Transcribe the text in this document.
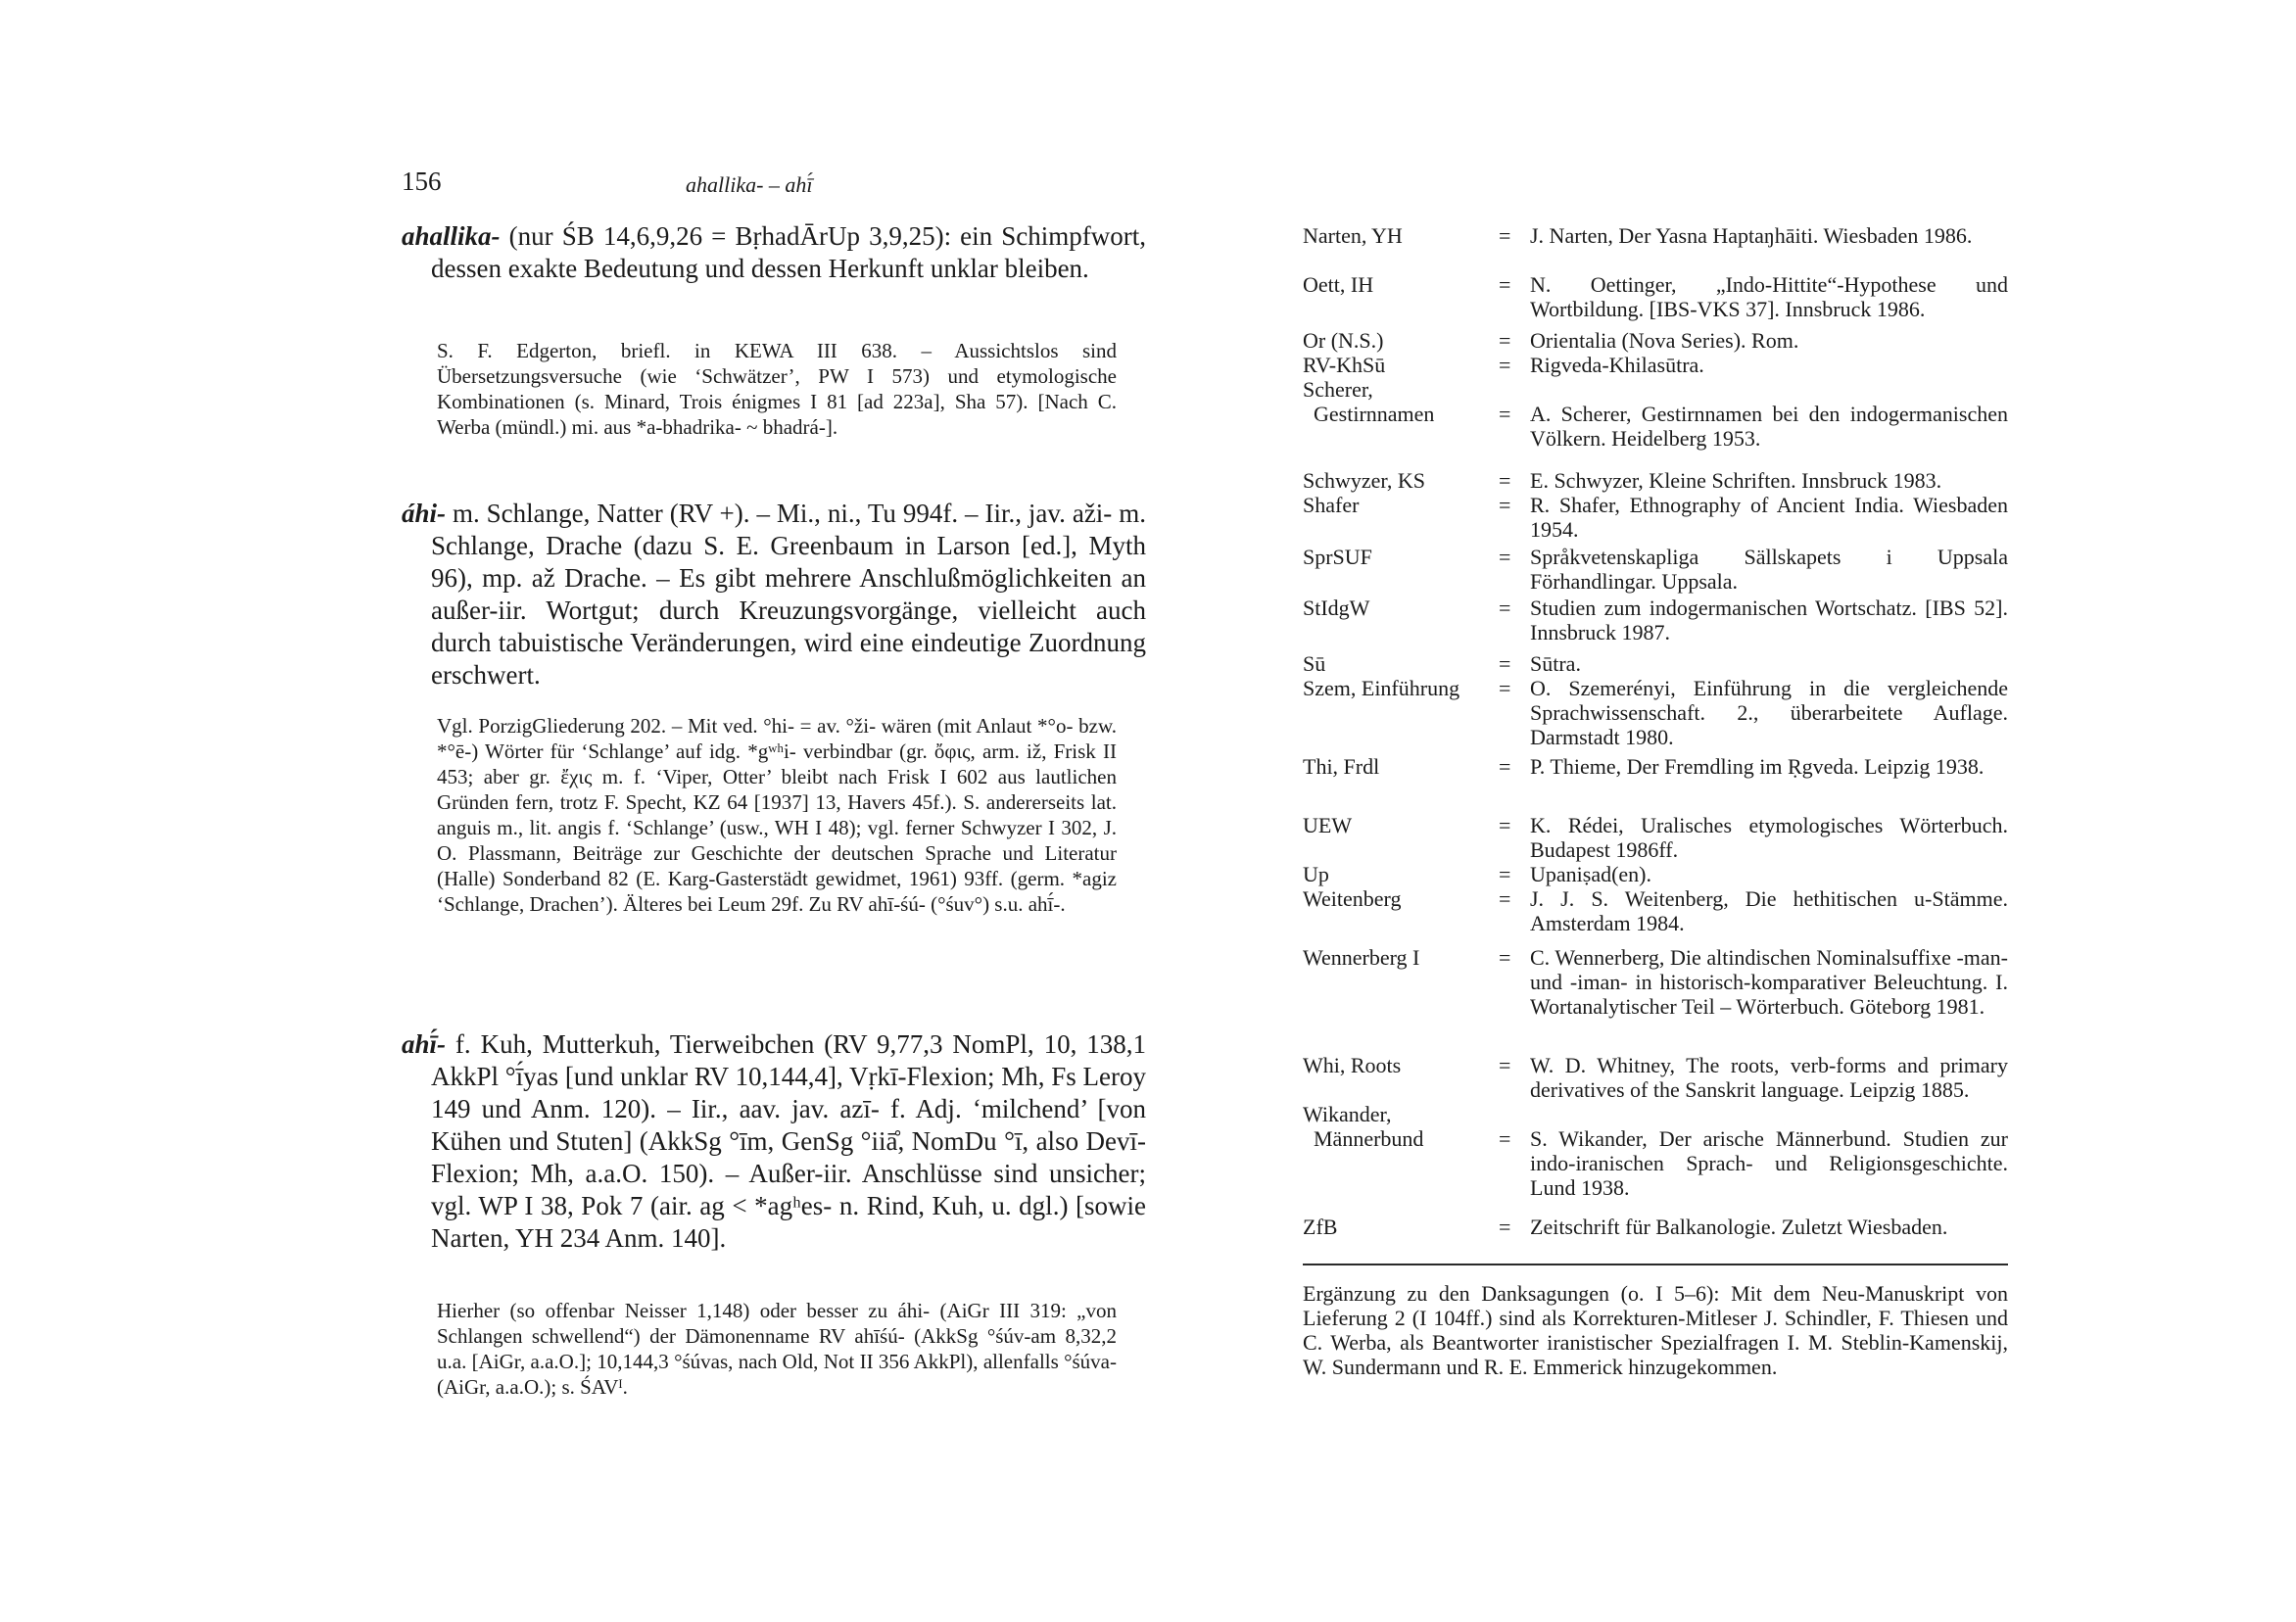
156	ahallika- – ahī́
ahallika- (nur ŚB 14,6,9,26 = BṛhadĀrUp 3,9,25): ein Schimpfwort, dessen exakte Bedeutung und dessen Herkunft unklar bleiben.
S. F. Edgerton, briefl. in KEWA III 638. – Aussichtslos sind Übersetzungsversuche (wie ‘Schwätzer’, PW I 573) und etymologische Kombinationen (s. Minard, Trois énigmes I 81 [ad 223a], Sha 57). [Nach C. Werba (mündl.) mi. aus *a-bhadrika- ~ bhadrá-].
áhi- m. Schlange, Natter (RV +). – Mi., ni., Tu 994f. – Iir., jav. aži- m. Schlange, Drache (dazu S. E. Greenbaum in Larson [ed.], Myth 96), mp. až Drache. – Es gibt mehrere Anschlußmöglichkeiten an außer-iir. Wortgut; durch Kreuzungsvorgänge, vielleicht auch durch tabuistische Veränderungen, wird eine eindeutige Zuordnung erschwert.
Vgl. PorzigGliederung 202. – Mit ved. °hi- = av. °ži- wären (mit Anlaut *°o- bzw. *°ē-) Wörter für ‘Schlange’ auf idg. *gʷʰi- verbindbar (gr. ὄφις, arm. iž, Frisk II 453; aber gr. ἔχις m. f. ‘Viper, Otter’ bleibt nach Frisk I 602 aus lautlichen Gründen fern, trotz F. Specht, KZ 64 [1937] 13, Havers 45f.). S. andererseits lat. anguis m., lit. angis f. ‘Schlange’ (usw., WH I 48); vgl. ferner Schwyzer I 302, J. O. Plassmann, Beiträge zur Geschichte der deutschen Sprache und Literatur (Halle) Sonderband 82 (E. Karg-Gasterstädt gewidmet, 1961) 93ff. (germ. *agiz ‘Schlange, Drachen’). Älteres bei Leum 29f. Zu RV ahī-śú- (°śuv°) s.u. ahī́-.
ahī́- f. Kuh, Mutterkuh, Tierweibchen (RV 9,77,3 NomPl, 10, 138,1 AkkPl °ī́yas [und unklar RV 10,144,4], Vṛkī-Flexion; Mh, Fs Leroy 149 und Anm. 120). – Iir., aav. jav. azī- f. Adj. ‘milchend’ [von Kühen und Stuten] (AkkSg °īm, GenSg °iiā̊, NomDu °ī, also Devī-Flexion; Mh, a.a.O. 150). – Außer-iir. Anschlüsse sind unsicher; vgl. WP I 38, Pok 7 (air. ag < *agʰes- n. Rind, Kuh, u. dgl.) [sowie Narten, YH 234 Anm. 140].
Hierher (so offenbar Neisser 1,148) oder besser zu áhi- (AiGr III 319: „von Schlangen schwellend“) der Dämonenname RV ahīśú- (AkkSg °śúv-am 8,32,2 u.a. [AiGr, a.a.O.]; 10,144,3 °śúvas, nach Old, Not II 356 AkkPl), allenfalls °śúva- (AiGr, a.a.O.); s. ŚAVᴵ.
Narten, YH	= J. Narten, Der Yasna Haptaŋhāiti. Wiesbaden 1986.
Oett, IH	= N. Oettinger, „Indo-Hittite“-Hypothese und Wortbildung. [IBS-VKS 37]. Innsbruck 1986.
Or (N.S.)	= Orientalia (Nova Series). Rom.
RV-KhSū	= Rigveda-Khilasūtra.
Scherer,
Gestirnnamen	= A. Scherer, Gestirnnamen bei den indogermanischen Völkern. Heidelberg 1953.
Schwyzer, KS	= E. Schwyzer, Kleine Schriften. Innsbruck 1983.
Shafer	= R. Shafer, Ethnography of Ancient India. Wiesbaden 1954.
SprSUF	= Språkvetenskapliga Sällskapets i Uppsala Förhandlingar. Uppsala.
StIdgW	= Studien zum indogermanischen Wortschatz. [IBS 52]. Innsbruck 1987.
Sū	= Sūtra.
Szem, Einführung = O. Szemerényi, Einführung in die vergleichende Sprachwissenschaft. 2., überarbeitete Auflage. Darmstadt 1980.
Thi, Frdl	= P. Thieme, Der Fremdling im Ṛgveda. Leipzig 1938.
UEW	= K. Rédei, Uralisches etymologisches Wörterbuch. Budapest 1986ff.
Up	= Upaniṣad(en).
Weitenberg	= J. J. S. Weitenberg, Die hethitischen u-Stämme. Amsterdam 1984.
Wennerberg I	= C. Wennerberg, Die altindischen Nominalsuffixe -man- und -iman- in historisch-komparativer Beleuchtung. I. Wortanalytischer Teil – Wörterbuch. Göteborg 1981.
Whi, Roots	= W. D. Whitney, The roots, verb-forms and primary derivatives of the Sanskrit language. Leipzig 1885.
Wikander,
Männerbund	= S. Wikander, Der arische Männerbund. Studien zur indo-iranischen Sprach- und Religionsgeschichte. Lund 1938.
ZfB	= Zeitschrift für Balkanologie. Zuletzt Wiesbaden.
Ergänzung zu den Danksagungen (o. I 5–6): Mit dem Neu-Manuskript von Lieferung 2 (I 104ff.) sind als Korrekturen-Mitleser J. Schindler, F. Thiesen und C. Werba, als Beantworter iranistischer Spezialfragen I. M. Steblin-Kamenskij, W. Sundermann und R. E. Emmerick hinzugekommen.
